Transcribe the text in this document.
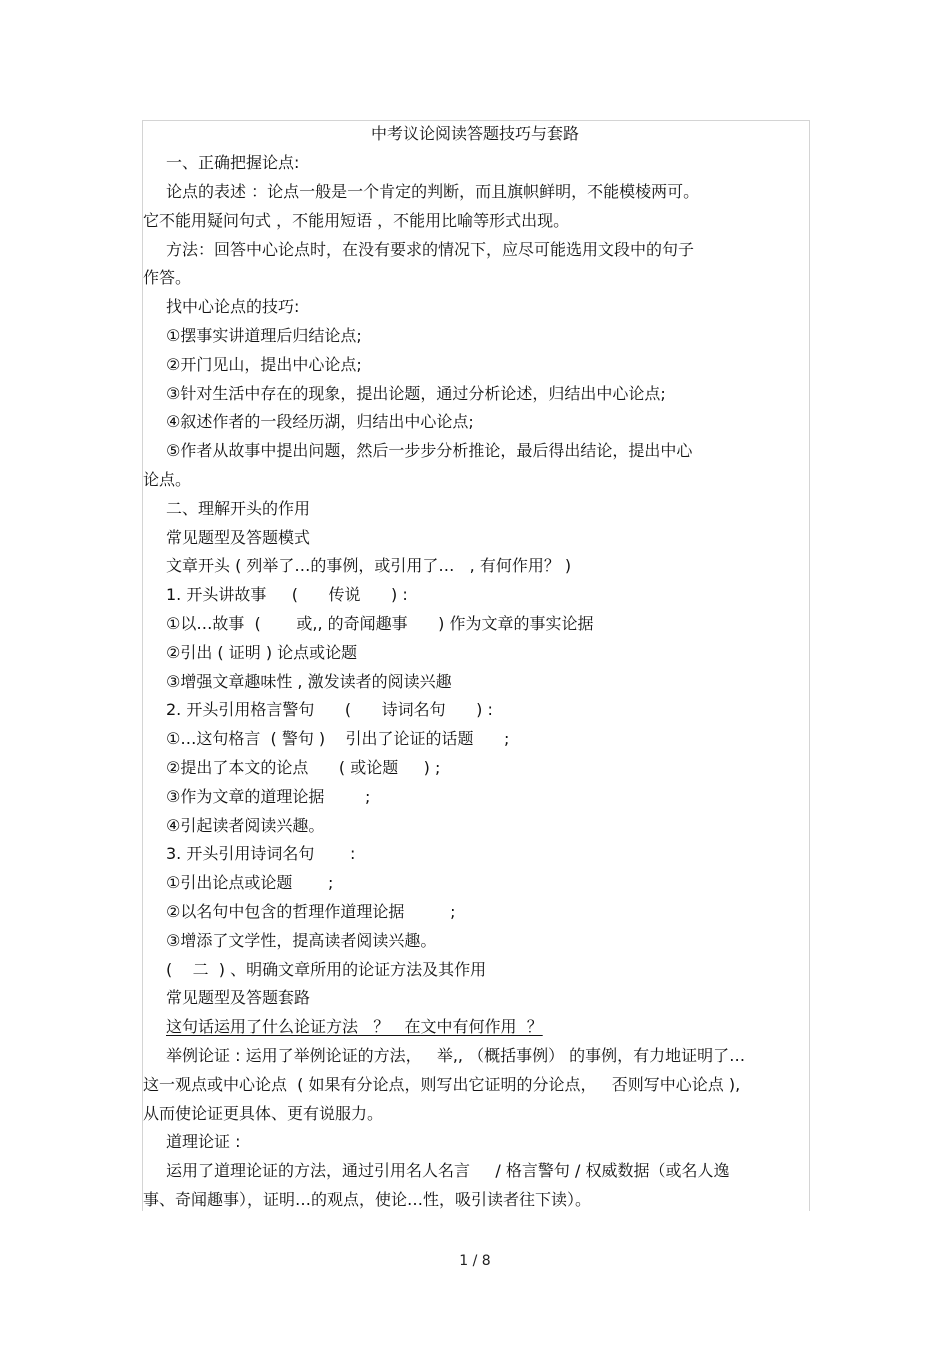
中考议论阅读答题技巧与套路
一、正确把握论点:
论点的表述 ：论点一般是一个肯定的判断，而且旗帜鲜明，不能模棱两可。
它不能用疑问句式 ，不能用短语 ，不能用比喻等形式出现。
方法：回答中心论点时，在没有要求的情况下，应尽可能选用文段中的句子
作答。
找中心论点的技巧:
①摆事实讲道理后归结论点;
②开门见山，提出中心论点;
③针对生活中存在的现象，提出论题，通过分析论述，归结出中心论点;
④叙述作者的一段经历湖，归结出中心论点;
⑤作者从故事中提出问题，然后一步步分析推论，最后得出结论，提出中心
论点。
二、理解开头的作用
常见题型及答题模式
文章开头 ( 列举了…的事例，或引用了…   , 有何作用？ )
1. 开头讲故事     (      传说      ) :
①以…故事  (       或,, 的奇闻趣事      ) 作为文章的事实论据
②引出 ( 证明 ) 论点或论题
③增强文章趣味性 , 激发读者的阅读兴趣
2. 开头引用格言警句      (      诗词名句      ) :
①…这句格言  ( 警句 )    引出了论证的话题      ;
②提出了本文的论点      ( 或论题     ) ;
③作为文章的道理论据        ;
④引起读者阅读兴趣。
3. 开头引用诗词名句       :
①引出论点或论题       ;
②以名句中包含的哲理作道理论据         ;
③增添了文学性，提高读者阅读兴趣。
(    二  ) 、明确文章所用的论证方法及其作用
常见题型及答题套路
这句话运用了什么论证方法   ？   在文中有何作用  ？
举例论证 : 运用了举例论证的方法，   举,, （概括事例） 的事例，有力地证明了…
这一观点或中心论点  ( 如果有分论点，则写出它证明的分论点，   否则写中心论点 ),
从而使论证更具体、更有说服力。
道理论证 :
运用了道理论证的方法，通过引用名人名言     / 格言警句 / 权威数据（或名人逸
事、奇闻趣事），证明…的观点，使论…性，吸引读者往下读）。
1 / 8
